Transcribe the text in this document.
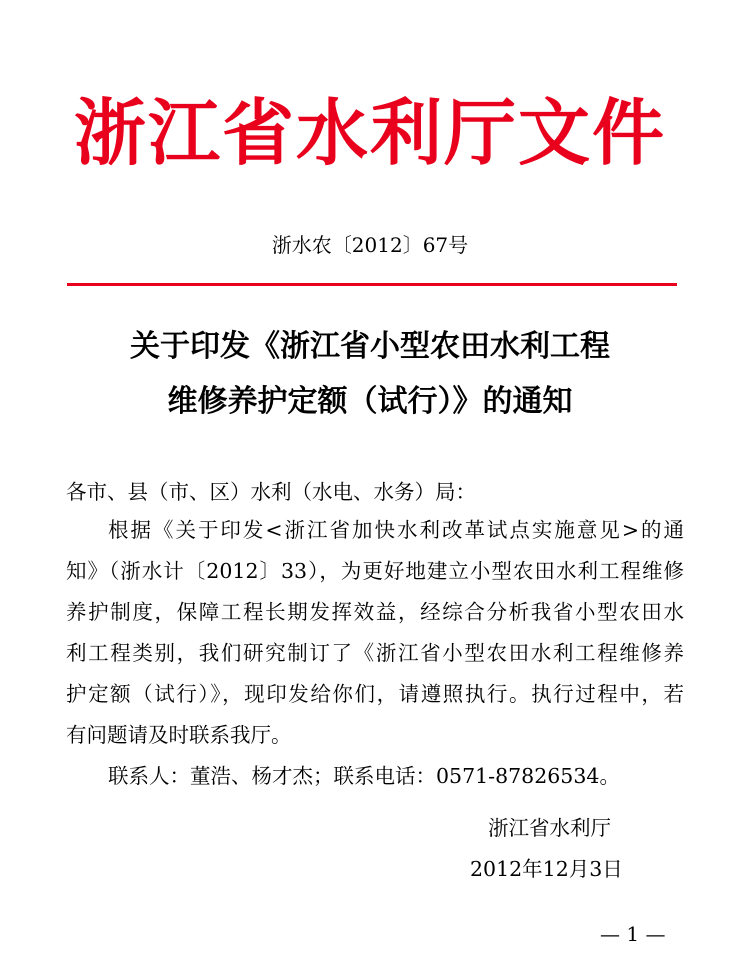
浙江省水利厅文件
浙水农〔2012〕67号
关于印发《浙江省小型农田水利工程
维修养护定额（试行）》的通知
各市、县（市、区）水利（水电、水务）局：
根据《关于印发<浙江省加快水利改革试点实施意见>的通
知》（浙水计〔2012〕33），为更好地建立小型农田水利工程维修
养护制度，保障工程长期发挥效益，经综合分析我省小型农田水
利工程类别，我们研究制订了《浙江省小型农田水利工程维修养
护定额（试行）》，现印发给你们，请遵照执行。执行过程中，若
有问题请及时联系我厅。
联系人：董浩、杨才杰；联系电话：0571-87826534。
浙江省水利厅
2012年12月3日
— 1 —
